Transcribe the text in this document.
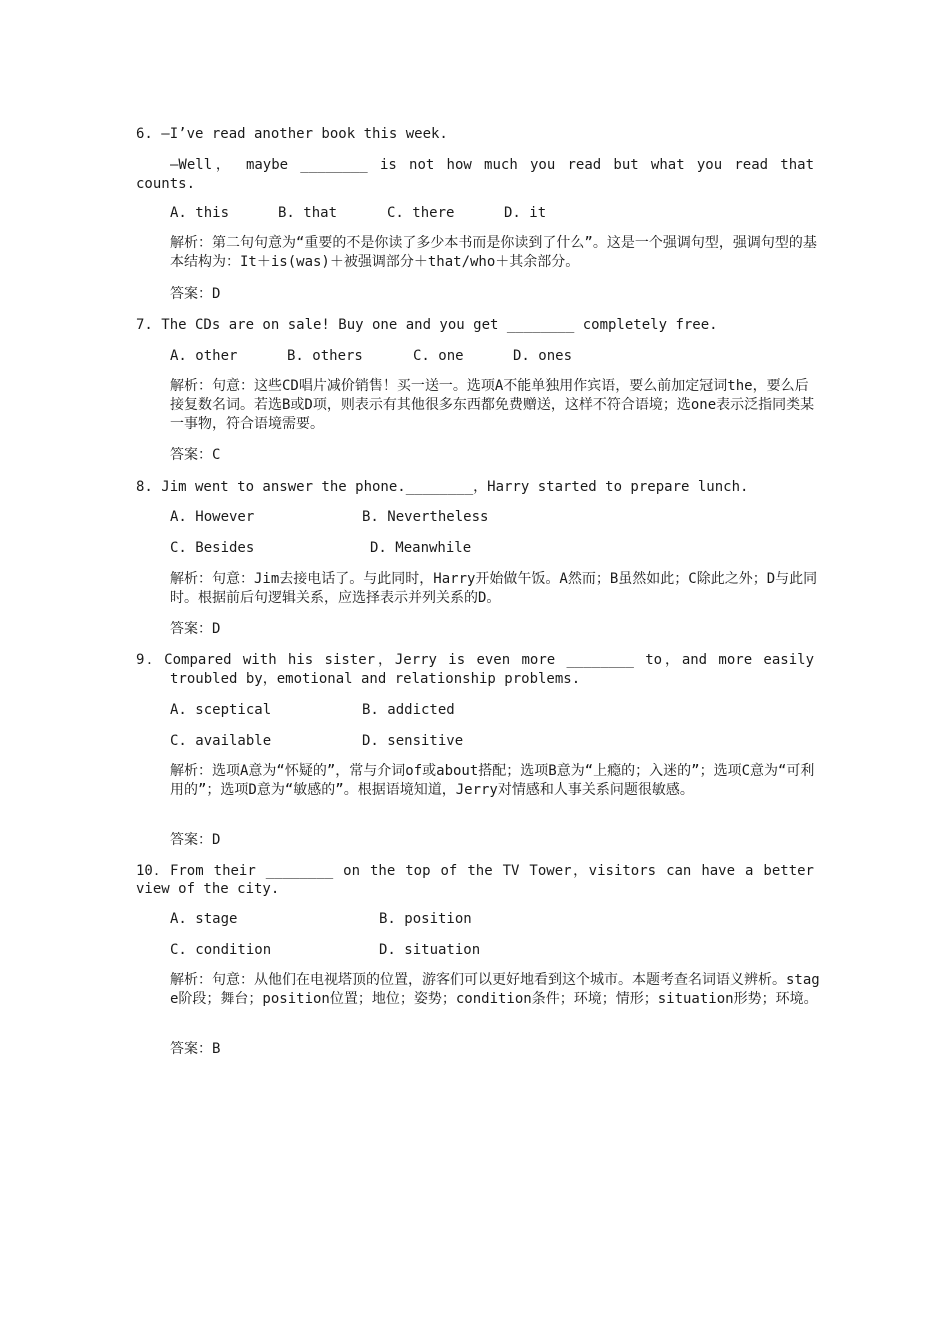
6. —I’ve read another book this week.
—Well， maybe ________ is not how much you read but what you read that
counts.
A. this	B. that	C. there	D. it
解析：第二句句意为“重要的不是你读了多少本书而是你读到了什么”。这是一个强调句型，强调句型的基本结构为：It＋is(was)＋被强调部分＋that/who＋其余部分。
答案：D
7. The CDs are on sale! Buy one and you get ________ completely free.
A. other	B. others	C. one	D. ones
解析：句意：这些CD唱片减价销售！买一送一。选项A不能单独用作宾语，要么前加定冠词the，要么后接复数名词。若选B或D项，则表示有其他很多东西都免费赠送，这样不符合语境；选one表示泛指同类某一事物，符合语境需要。
答案：C
8. Jim went to answer the phone.________，Harry started to prepare lunch.
A. However	B. Nevertheless
C. Besides	D. Meanwhile
解析：句意：Jim去接电话了。与此同时，Harry开始做午饭。A然而；B虽然如此；C除此之外；D与此同时。根据前后句逻辑关系，应选择表示并列关系的D。
答案：D
9．Compared with his sister，Jerry is even more ________ to，and more easily
troubled by，emotional and relationship problems.
A. sceptical	B. addicted
C. available	D. sensitive
解析：选项A意为“怀疑的”，常与介词of或about搭配；选项B意为“上瘾的；入迷的”；选项C意为“可利用的”；选项D意为“敏感的”。根据语境知道，Jerry对情感和人事关系问题很敏感。
答案：D
10．From their ________ on the top of the TV Tower，visitors can have a better
view of the city.
A. stage	B. position
C. condition	D. situation
解析：句意：从他们在电视塔顶的位置，游客们可以更好地看到这个城市。本题考查名词语义辨析。stage阶段；舞台；position位置；地位；姿势；condition条件；环境；情形；situation形势；环境。
答案：B
